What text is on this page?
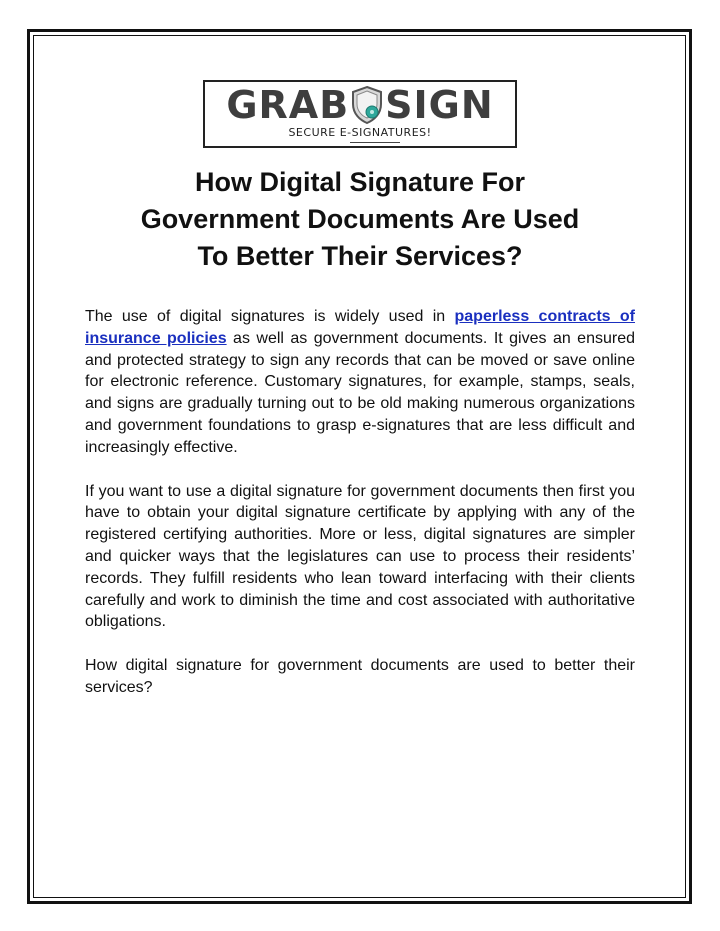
GRAB SIGN
SECURE E-SIGNATURES!
How Digital Signature For
Government Documents Are Used
To Better Their Services?

The use of digital signatures is widely used in paperless contracts of insurance policies as well as government documents. It gives an ensured and protected strategy to sign any records that can be moved or save online for electronic reference. Customary signatures, for example, stamps, seals, and signs are gradually turning out to be old making numerous organizations and government foundations to grasp e-signatures that are less difficult and increasingly effective.

If you want to use a digital signature for government documents then first you have to obtain your digital signature certificate by applying with any of the registered certifying authorities. More or less, digital signatures are simpler and quicker ways that the legislatures can use to process their residents’ records. They fulfill residents who lean toward interfacing with their clients carefully and work to diminish the time and cost associated with authoritative obligations.

How digital signature for government documents are used to better their services?
